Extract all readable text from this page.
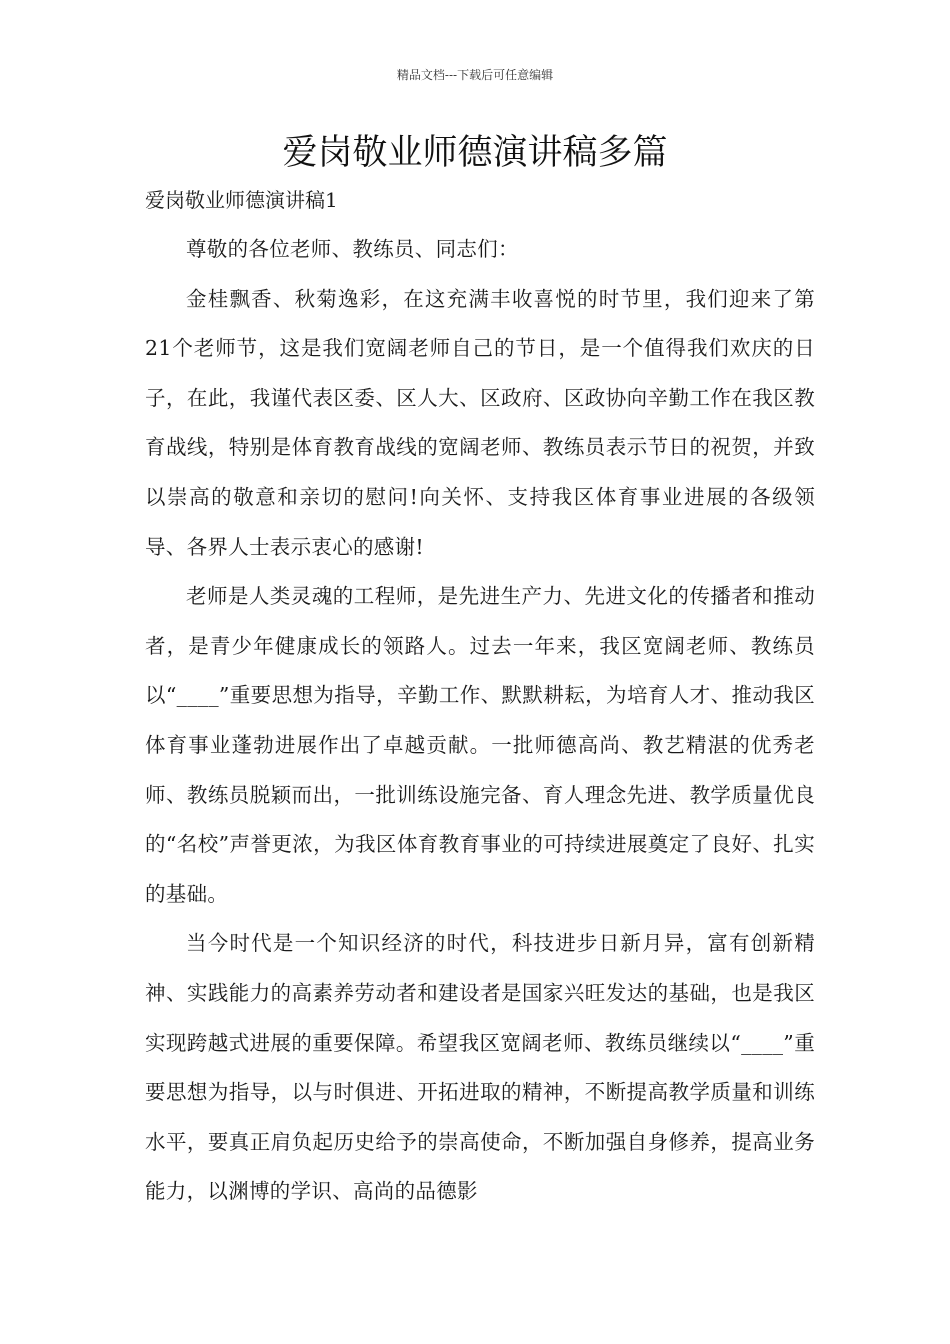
精品文档---下载后可任意编辑
爱岗敬业师德演讲稿多篇
爱岗敬业师德演讲稿1

尊敬的各位老师、教练员、同志们：

金桂飘香、秋菊逸彩，在这充满丰收喜悦的时节里，我们迎来了第21个老师节，这是我们宽阔老师自己的节日，是一个值得我们欢庆的日子，在此，我谨代表区委、区人大、区政府、区政协向辛勤工作在我区教育战线，特别是体育教育战线的宽阔老师、教练员表示节日的祝贺，并致以崇高的敬意和亲切的慰问!向关怀、支持我区体育事业进展的各级领导、各界人士表示衷心的感谢!

老师是人类灵魂的工程师，是先进生产力、先进文化的传播者和推动者，是青少年健康成长的领路人。过去一年来，我区宽阔老师、教练员以“____”重要思想为指导，辛勤工作、默默耕耘，为培育人才、推动我区体育事业蓬勃进展作出了卓越贡献。一批师德高尚、教艺精湛的优秀老师、教练员脱颖而出，一批训练设施完备、育人理念先进、教学质量优良的“名校”声誉更浓，为我区体育教育事业的可持续进展奠定了良好、扎实的基础。

当今时代是一个知识经济的时代，科技进步日新月异，富有创新精神、实践能力的高素养劳动者和建设者是国家兴旺发达的基础，也是我区实现跨越式进展的重要保障。希望我区宽阔老师、教练员继续以“____”重要思想为指导，以与时俱进、开拓进取的精神，不断提高教学质量和训练水平，要真正肩负起历史给予的崇高使命，不断加强自身修养，提高业务能力，以渊博的学识、高尚的品德影
